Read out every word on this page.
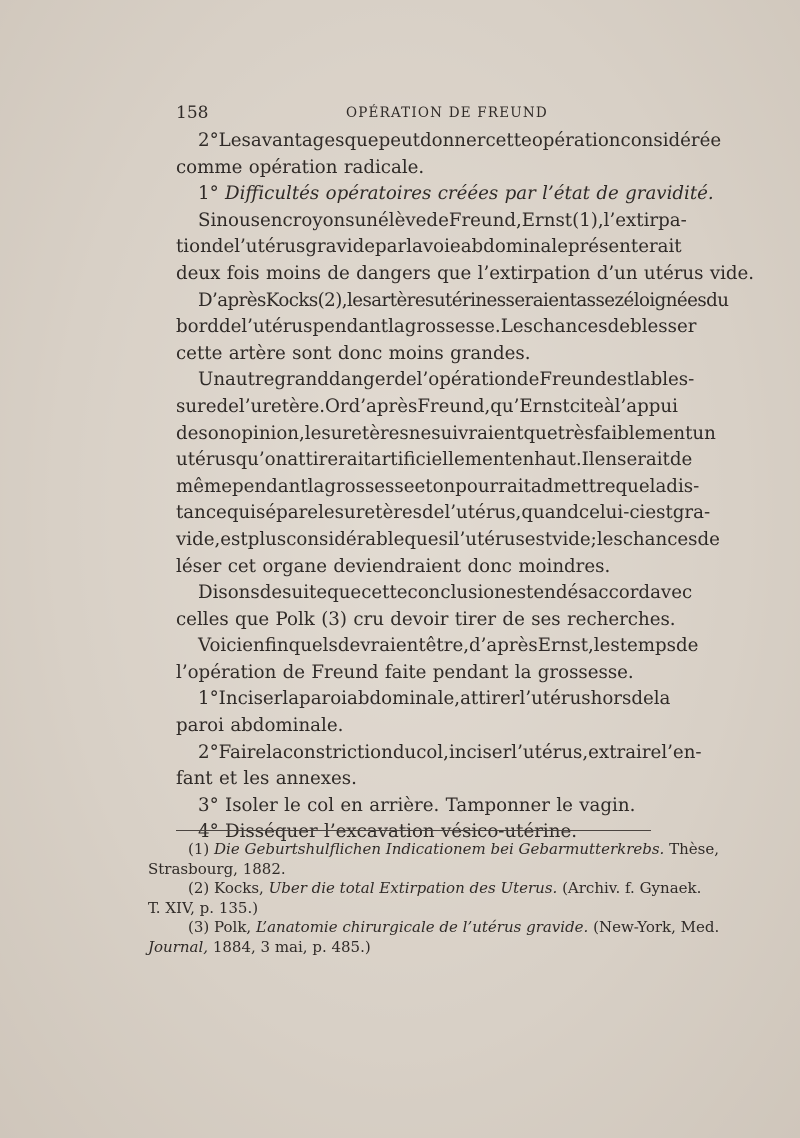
158	OPÉRATION DE FREUND
2° Les avantages que peut donner cette opération considérée
comme opération radicale.
1° Difficultés opératoires créées par l’état de gravidité.
Si nous en croyons un élève de Freund, Ernst (1), l’extirpa-
tion de l’utérus gravide par la voie abdominale présenterait
deux fois moins de dangers que l’extirpation d’un utérus vide.
D’après Kocks (2), les artères utérines seraient assez éloignées du
bord de l’utérus pendant la grossesse. Les chances de blesser
cette artère sont donc moins grandes.
Un autre grand danger de l’opération de Freund est la bles-
sure de l’uretère. Or d’après Freund, qu’Ernst cite à l’appui
de son opinion, les uretères ne suivraient que très faiblement un
utérus qu’on attirerait artificiellement en haut. Il en serait de
même pendant la grossesse et on pourrait admettre que la dis-
tance qui sépare les uretères de l’utérus, quand celui-ci est gra-
vide, est plus considérable que si l’utérus est vide; les chances de
léser cet organe deviendraient donc moindres.
Disons de suite que cette conclusion est en désaccord avec
celles que Polk (3) cru devoir tirer de ses recherches.
Voici enfin quels devraient être, d’après Ernst, les temps de
l’opération de Freund faite pendant la grossesse.
1° Inciser la paroi abdominale, attirer l’utérus hors de la
paroi abdominale.
2° Faire la constriction du col, inciser l’utérus, extraire l’en-
fant et les annexes.
3° Isoler le col en arrière. Tamponner le vagin.
4° Disséquer l’excavation vésico-utérine.
(1) Die Geburtshulflichen Indicationem bei Gebarmutterkrebs. Thèse,
Strasbourg, 1882.
(2) Kocks, Uber die total Extirpation des Uterus. (Archiv. f. Gynaek.
T. XIV, p. 135.)
(3) Polk, L’anatomie chirurgicale de l’utérus gravide. (New-York, Med.
Journal, 1884, 3 mai, p. 485.)
